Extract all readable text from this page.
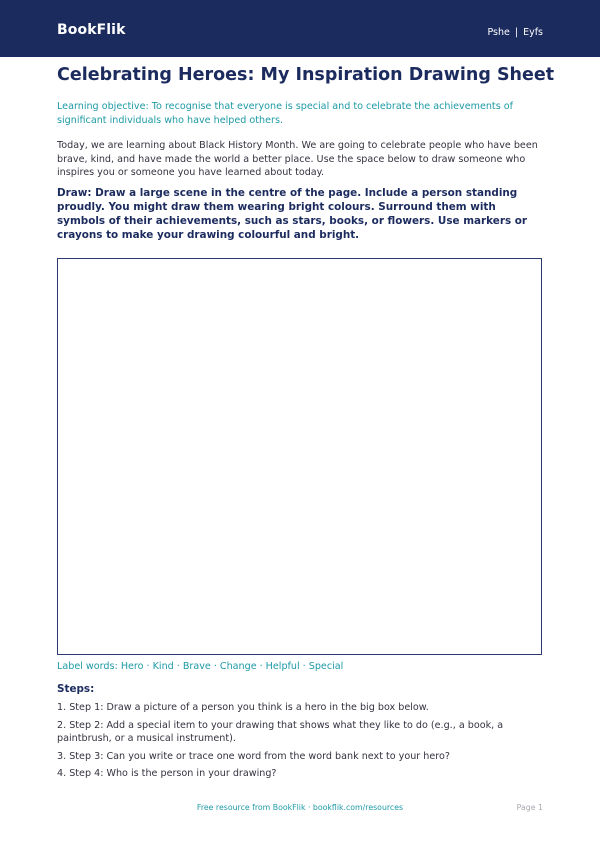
BookFlik	Pshe | Eyfs
Celebrating Heroes: My Inspiration Drawing Sheet

Learning objective: To recognise that everyone is special and to celebrate the achievements of significant individuals who have helped others.

Today, we are learning about Black History Month. We are going to celebrate people who have been brave, kind, and have made the world a better place. Use the space below to draw someone who inspires you or someone you have learned about today.

Draw: Draw a large scene in the centre of the page. Include a person standing proudly. You might draw them wearing bright colours. Surround them with symbols of their achievements, such as stars, books, or flowers. Use markers or crayons to make your drawing colourful and bright.

Label words: Hero · Kind · Brave · Change · Helpful · Special
Steps:
1. Step 1: Draw a picture of a person you think is a hero in the big box below.
2. Step 2: Add a special item to your drawing that shows what they like to do (e.g., a book, a paintbrush, or a musical instrument).
3. Step 3: Can you write or trace one word from the word bank next to your hero?
4. Step 4: Who is the person in your drawing?
Free resource from BookFlik · bookflik.com/resources	Page 1
